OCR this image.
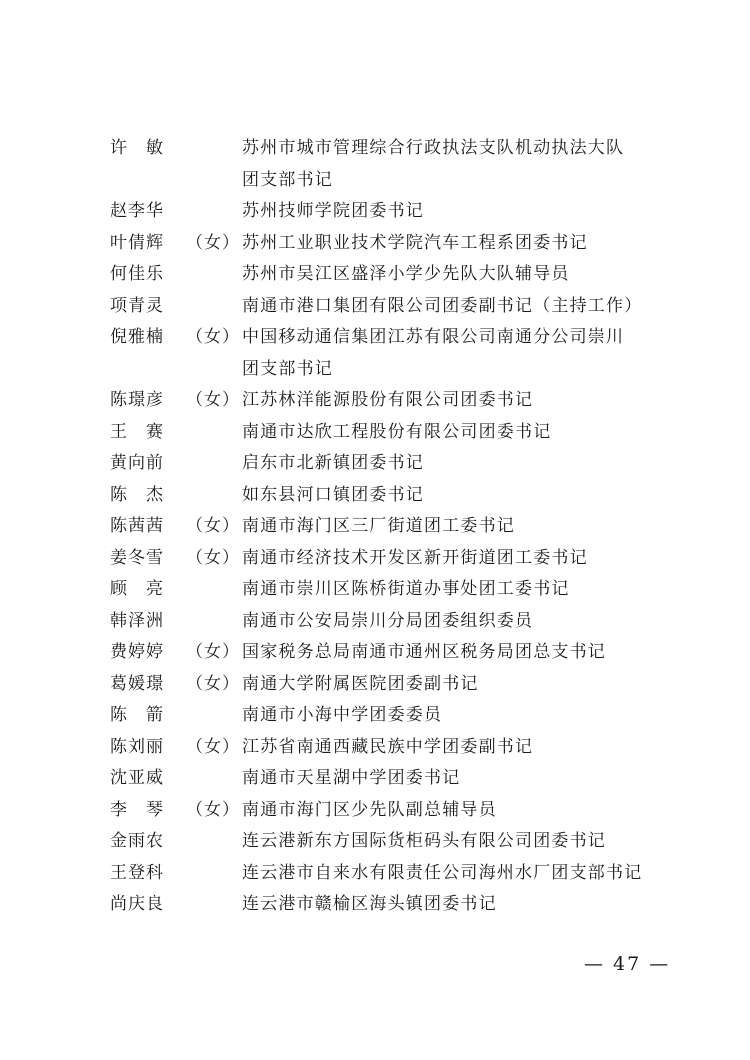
许　敏	苏州市城市管理综合行政执法支队机动执法大队
团支部书记
赵李华	苏州技师学院团委书记
叶倩辉	（女） 苏州工业职业技术学院汽车工程系团委书记
何佳乐	苏州市吴江区盛泽小学少先队大队辅导员
项青灵	南通市港口集团有限公司团委副书记（主持工作）
倪雅楠	（女） 中国移动通信集团江苏有限公司南通分公司崇川
团支部书记
陈璟彦	（女） 江苏林洋能源股份有限公司团委书记
王　赛	南通市达欣工程股份有限公司团委书记
黄向前	启东市北新镇团委书记
陈　杰	如东县河口镇团委书记
陈茜茜	（女） 南通市海门区三厂街道团工委书记
姜冬雪	（女） 南通市经济技术开发区新开街道团工委书记
顾　亮	南通市崇川区陈桥街道办事处团工委书记
韩泽洲	南通市公安局崇川分局团委组织委员
费婷婷	（女） 国家税务总局南通市通州区税务局团总支书记
葛媛璟	（女） 南通大学附属医院团委副书记
陈　箭	南通市小海中学团委委员
陈刘丽	（女） 江苏省南通西藏民族中学团委副书记
沈亚威	南通市天星湖中学团委书记
李　琴	（女） 南通市海门区少先队副总辅导员
金雨农	连云港新东方国际货柜码头有限公司团委书记
王登科	连云港市自来水有限责任公司海州水厂团支部书记
尚庆良	连云港市赣榆区海头镇团委书记
— 47 —
